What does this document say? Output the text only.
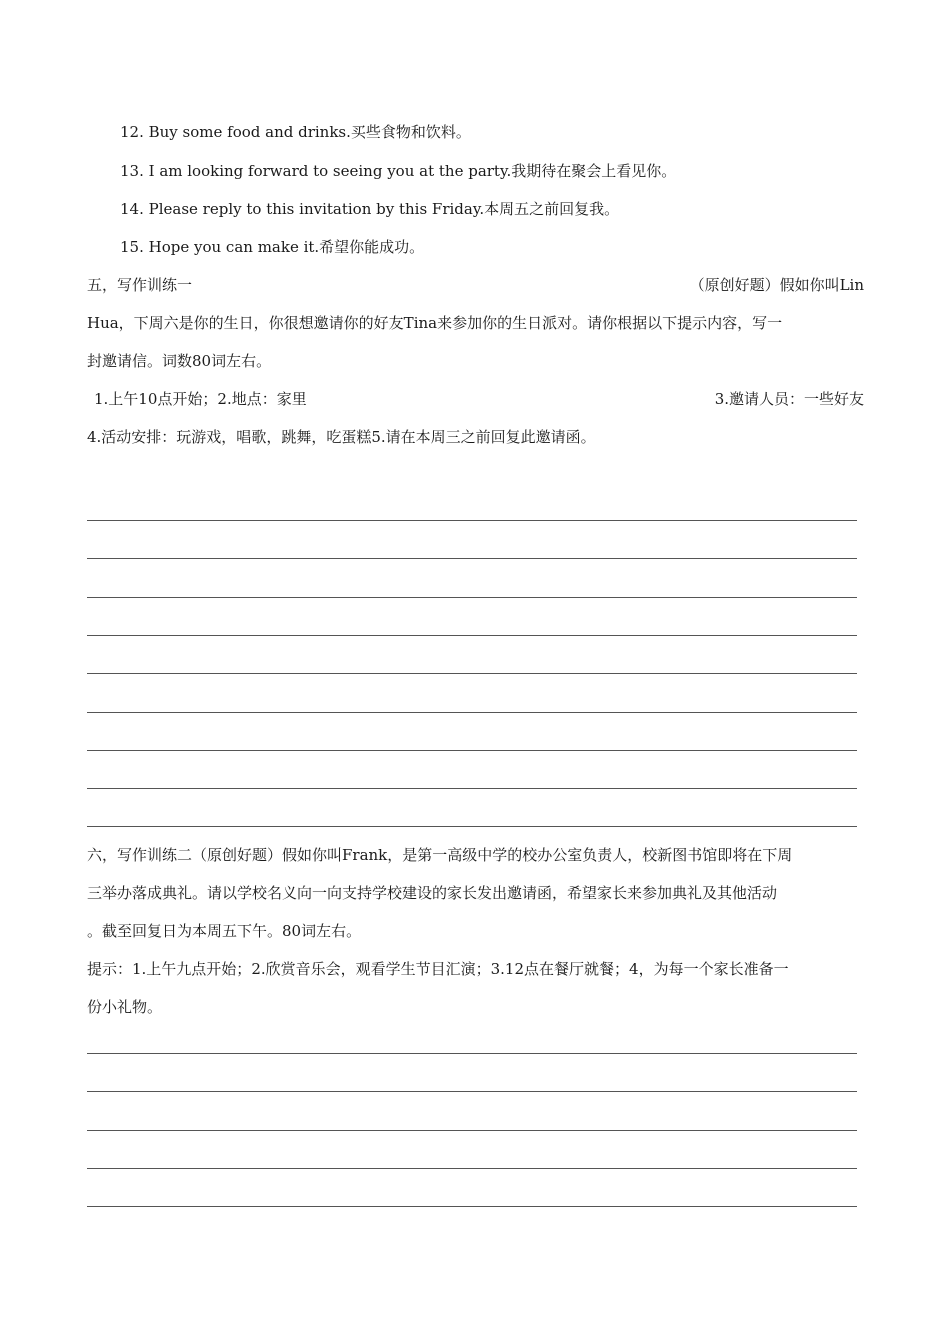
12. Buy some food and drinks.买些食物和饮料。
13. I am looking forward to seeing you at the party.我期待在聚会上看见你。
14. Please reply to this invitation by this Friday.本周五之前回复我。
15. Hope you can make it.希望你能成功。
五，写作训练一	（原创好题）假如你叫Lin
Hua，下周六是你的生日，你很想邀请你的好友Tina来参加你的生日派对。请你根据以下提示内容，写一
封邀请信。词数80词左右。
1.上午10点开始；2.地点：家里	3.邀请人员：一些好友
4.活动安排：玩游戏，唱歌，跳舞，吃蛋糕5.请在本周三之前回复此邀请函。
六，写作训练二（原创好题）假如你叫Frank，是第一高级中学的校办公室负责人，校新图书馆即将在下周
三举办落成典礼。请以学校名义向一向支持学校建设的家长发出邀请函，希望家长来参加典礼及其他活动
。截至回复日为本周五下午。80词左右。
提示：1.上午九点开始；2.欣赏音乐会，观看学生节目汇演；3.12点在餐厅就餐；4，为每一个家长准备一
份小礼物。
